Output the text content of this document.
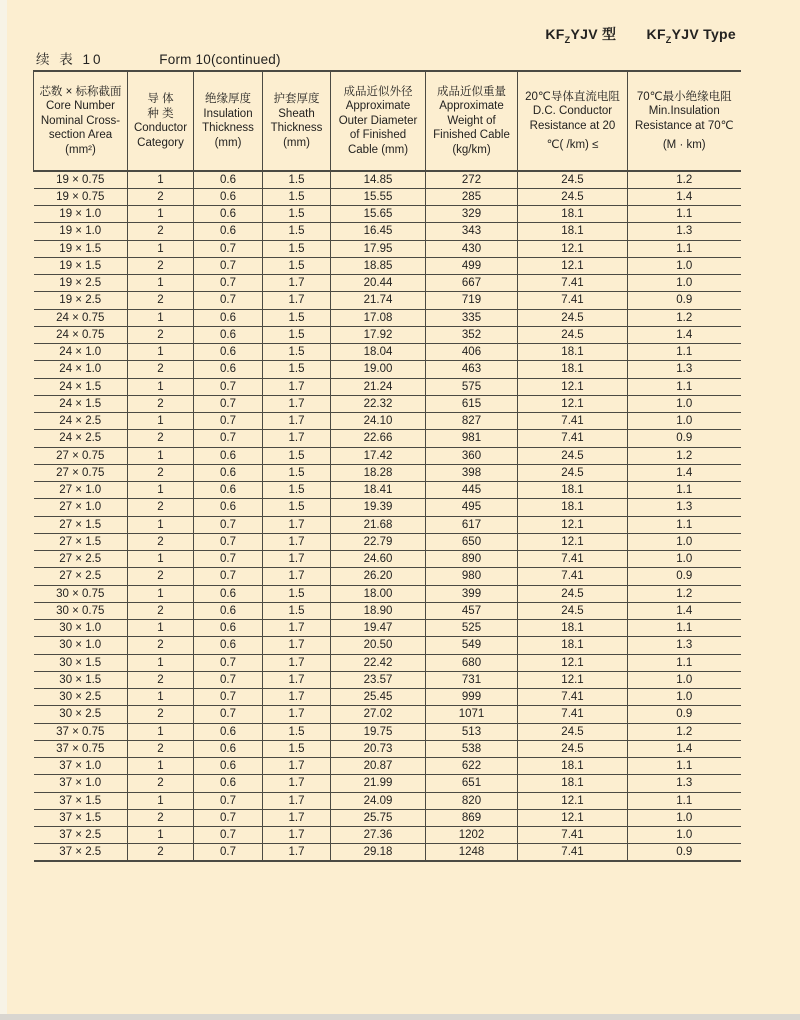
$KF_ZYJV$ 型 $KF_ZYJV$ Type
续 表 10	Form 10(continued)
芯数 × 标称截面
Core Number
Nominal Cross-
section Area
(mm²)

导 体
种 类
Conductor
Category

绝缘厚度
Insulation
Thickness
(mm)

护套厚度
Sheath
Thickness
(mm)

成品近似外径
Approximate
Outer Diameter
of Finished
Cable (mm)

成品近似重量
Approximate
Weight of
Finished Cable
(kg/km)

20℃导体直流电阻
D.C. Conductor
Resistance at 20
℃( /km) ≤

70℃最小绝缘电阻
Min.Insulation
Resistance at 70℃
(M · km)

19 × 0.75	1	0.6	1.5	14.85	272	24.5	1.2
19 × 0.75	2	0.6	1.5	15.55	285	24.5	1.4
19 × 1.0	1	0.6	1.5	15.65	329	18.1	1.1
19 × 1.0	2	0.6	1.5	16.45	343	18.1	1.3
19 × 1.5	1	0.7	1.5	17.95	430	12.1	1.1
19 × 1.5	2	0.7	1.5	18.85	499	12.1	1.0
19 × 2.5	1	0.7	1.7	20.44	667	7.41	1.0
19 × 2.5	2	0.7	1.7	21.74	719	7.41	0.9
24 × 0.75	1	0.6	1.5	17.08	335	24.5	1.2
24 × 0.75	2	0.6	1.5	17.92	352	24.5	1.4
24 × 1.0	1	0.6	1.5	18.04	406	18.1	1.1
24 × 1.0	2	0.6	1.5	19.00	463	18.1	1.3
24 × 1.5	1	0.7	1.7	21.24	575	12.1	1.1
24 × 1.5	2	0.7	1.7	22.32	615	12.1	1.0
24 × 2.5	1	0.7	1.7	24.10	827	7.41	1.0
24 × 2.5	2	0.7	1.7	22.66	981	7.41	0.9
27 × 0.75	1	0.6	1.5	17.42	360	24.5	1.2
27 × 0.75	2	0.6	1.5	18.28	398	24.5	1.4
27 × 1.0	1	0.6	1.5	18.41	445	18.1	1.1
27 × 1.0	2	0.6	1.5	19.39	495	18.1	1.3
27 × 1.5	1	0.7	1.7	21.68	617	12.1	1.1
27 × 1.5	2	0.7	1.7	22.79	650	12.1	1.0
27 × 2.5	1	0.7	1.7	24.60	890	7.41	1.0
27 × 2.5	2	0.7	1.7	26.20	980	7.41	0.9
30 × 0.75	1	0.6	1.5	18.00	399	24.5	1.2
30 × 0.75	2	0.6	1.5	18.90	457	24.5	1.4
30 × 1.0	1	0.6	1.7	19.47	525	18.1	1.1
30 × 1.0	2	0.6	1.7	20.50	549	18.1	1.3
30 × 1.5	1	0.7	1.7	22.42	680	12.1	1.1
30 × 1.5	2	0.7	1.7	23.57	731	12.1	1.0
30 × 2.5	1	0.7	1.7	25.45	999	7.41	1.0
30 × 2.5	2	0.7	1.7	27.02	1071	7.41	0.9
37 × 0.75	1	0.6	1.5	19.75	513	24.5	1.2
37 × 0.75	2	0.6	1.5	20.73	538	24.5	1.4
37 × 1.0	1	0.6	1.7	20.87	622	18.1	1.1
37 × 1.0	2	0.6	1.7	21.99	651	18.1	1.3
37 × 1.5	1	0.7	1.7	24.09	820	12.1	1.1
37 × 1.5	2	0.7	1.7	25.75	869	12.1	1.0
37 × 2.5	1	0.7	1.7	27.36	1202	7.41	1.0
37 × 2.5	2	0.7	1.7	29.18	1248	7.41	0.9
